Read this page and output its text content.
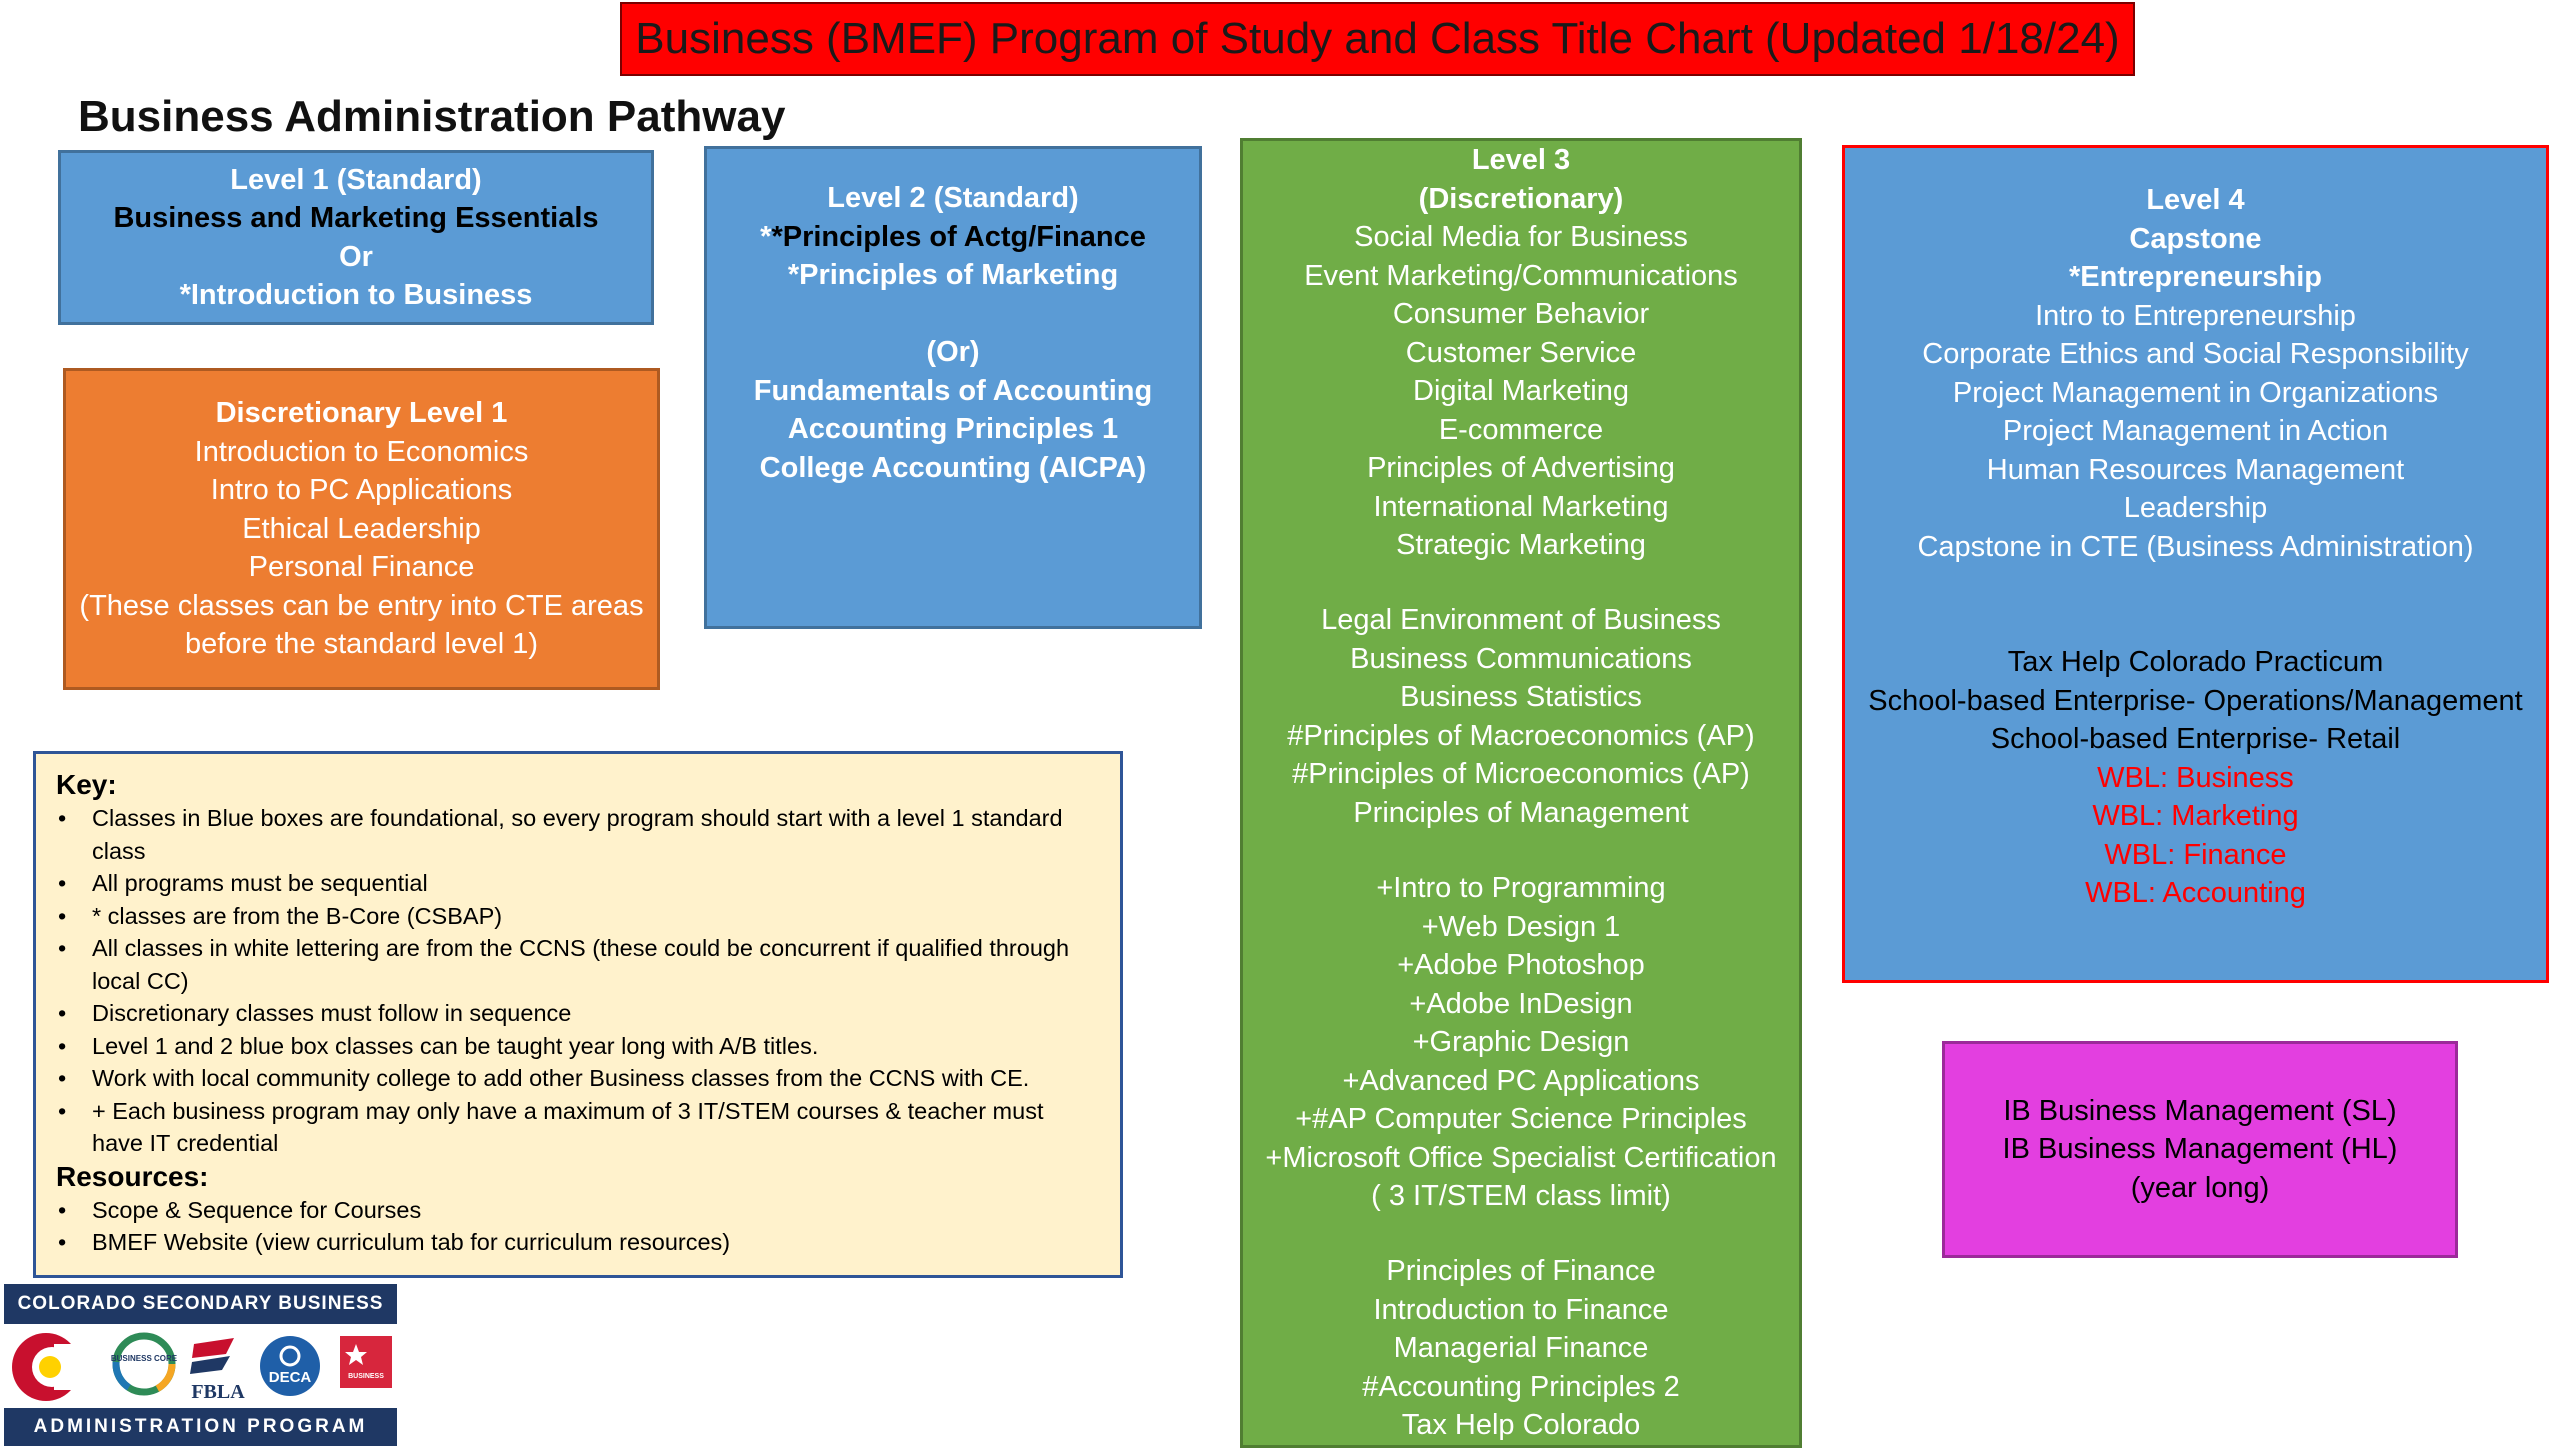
Business (BMEF) Program of Study and Class Title Chart (Updated 1/18/24)
Business Administration Pathway
Level 1 (Standard)
Business and Marketing Essentials
Or
*Introduction to Business
Discretionary Level 1
Introduction to Economics
Intro to PC Applications
Ethical Leadership
Personal Finance
(These classes can be entry into CTE areas
before the standard level 1)
Level 2 (Standard)
**Principles of Actg/Finance
*Principles of Marketing
(Or)
Fundamentals of Accounting
Accounting Principles 1
College Accounting (AICPA)
Level 3
(Discretionary)
Social Media for Business
Event Marketing/Communications
Consumer Behavior
Customer Service
Digital Marketing
E-commerce
Principles of Advertising
International Marketing
Strategic Marketing
Legal Environment of Business
Business Communications
Business Statistics
#Principles of Macroeconomics (AP)
#Principles of Microeconomics (AP)
Principles of Management
+Intro to Programming
+Web Design 1
+Adobe Photoshop
+Adobe InDesign
+Graphic Design
+Advanced PC Applications
+#AP Computer Science Principles
+Microsoft Office Specialist Certification
( 3 IT/STEM class limit)
Principles of Finance
Introduction to Finance
Managerial Finance
#Accounting Principles 2
Tax Help Colorado
Level 4
Capstone
*Entrepreneurship
Intro to Entrepreneurship
Corporate Ethics and Social Responsibility
Project Management in Organizations
Project Management in Action
Human Resources Management
Leadership
Capstone in CTE (Business Administration)
Tax Help Colorado Practicum
School-based Enterprise- Operations/Management
School-based Enterprise- Retail
WBL: Business
WBL: Marketing
WBL: Finance
WBL: Accounting
IB Business Management (SL)
IB Business Management (HL)
(year long)
Key:
• Classes in Blue boxes are foundational, so every program should start with a level 1 standard class
• All programs must be sequential
• * classes are from the B-Core (CSBAP)
• All classes in white lettering are from the CCNS (these could be concurrent if qualified through local CC)
• Discretionary classes must follow in sequence
• Level 1 and 2 blue box classes can be taught year long with A/B titles.
• Work with local community college to add other Business classes from the CCNS with CE.
• + Each business program may only have a maximum of 3 IT/STEM courses & teacher must have IT credential
Resources:
• Scope & Sequence for Courses
• BMEF Website (view curriculum tab for curriculum resources)
COLORADO SECONDARY BUSINESS
BUSINESS CORE
FBLA
DECA	BUSINESS
ADMINISTRATION PROGRAM
